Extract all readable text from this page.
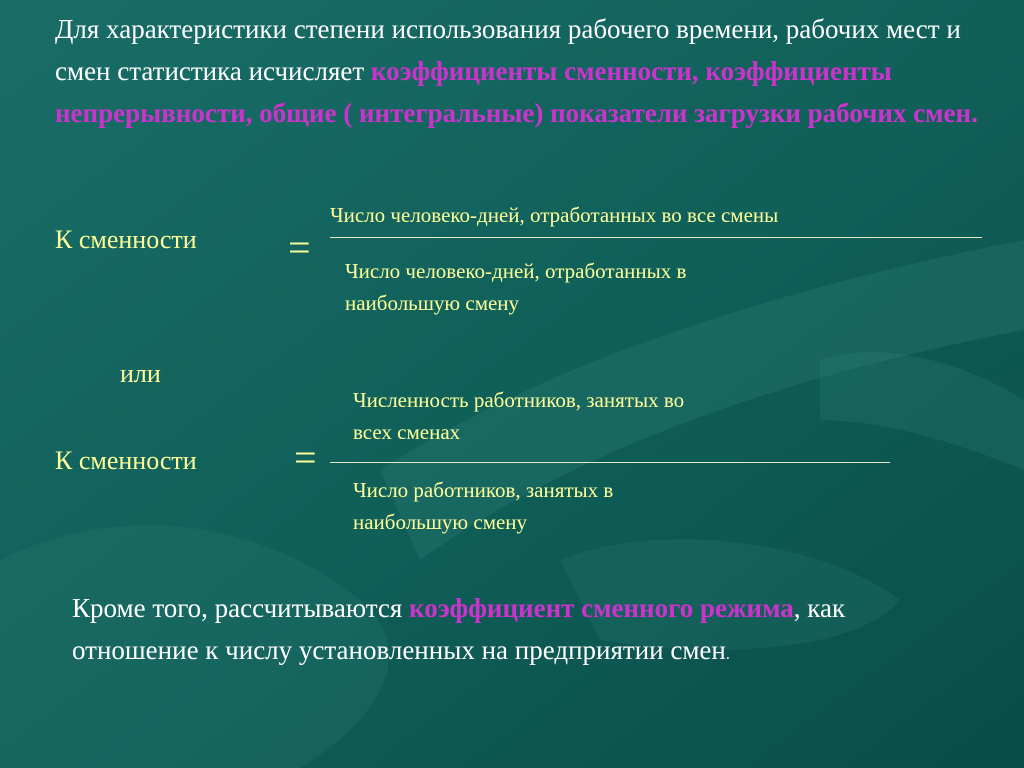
Для характеристики степени использования рабочего времени, рабочих мест и смен статистика исчисляет коэффициенты сменности, коэффициенты непрерывности, общие ( интегральные) показатели загрузки рабочих смен.

К сменности =
Число человеко-дней, отработанных во все смены
Число человеко-дней, отработанных в
наибольшую смену
или
К сменности =
Численность работников, занятых во
всех сменах
Число работников, занятых в
наибольшую смену

Кроме того, рассчитываются коэффициент сменного режима, как отношение к числу установленных на предприятии смен.
